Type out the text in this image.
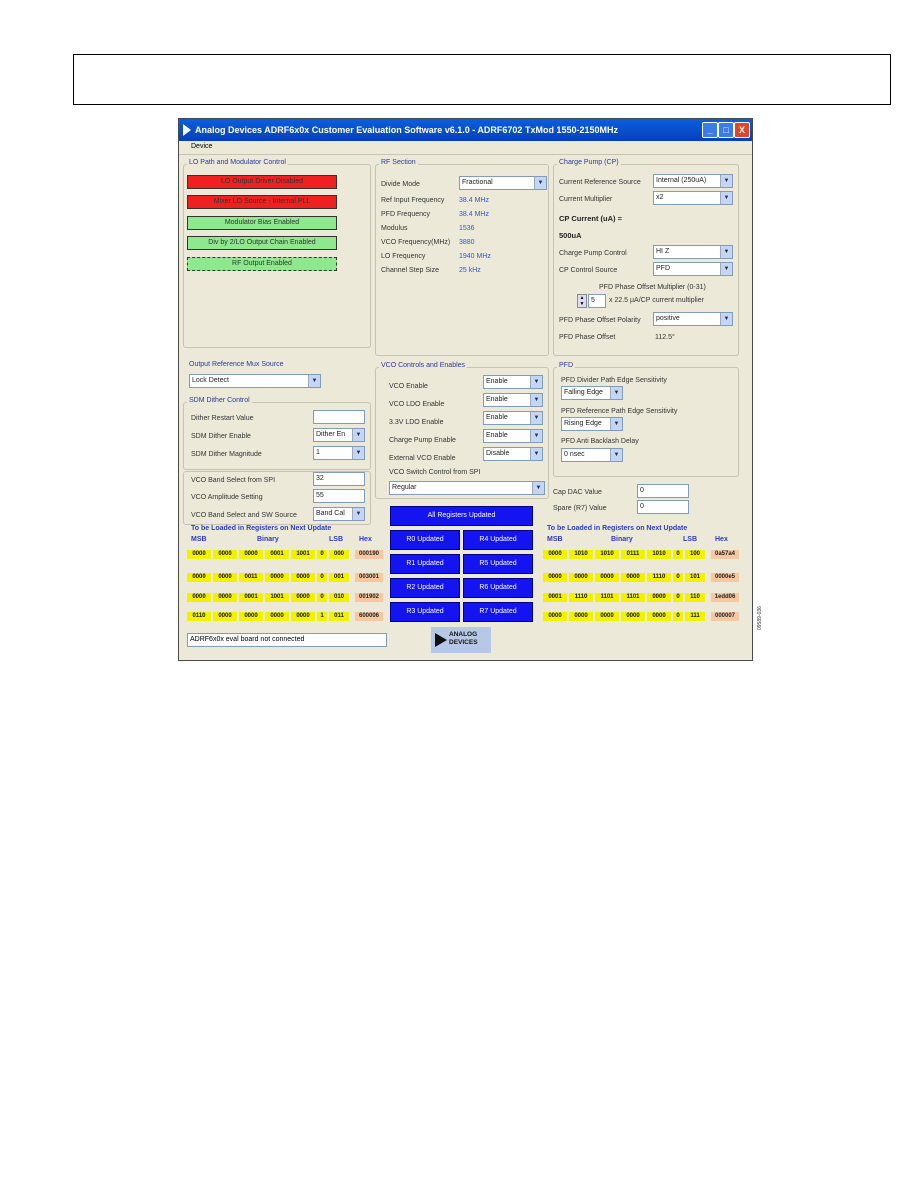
Analog Devices ADRF6x0x Customer Evaluation Software v6.1.0 - ADRF6702 TxMod 1550-2150MHz	_	□	X
Device
LO Path and Modulator Control
LO Output Driver Disabled
Mixer LO Source - Internal PLL
Modulator Bias Enabled
Div by 2/LO Output Chain Enabled
RF Output Enabled
RF Section
Divide Mode	Fractional	▼
Ref Input Frequency 38.4 MHz
PFD Frequency	38.4 MHz
Modulus	1536
VCO Frequency(MHz) 3880
LO Frequency	1940 MHz
Channel Step Size	25 kHz
Charge Pump (CP)
Current Reference Source Internal (250uA)	▼
Current Multiplier	x2	▼
CP Current (uA) =
500uA
Charge Pump Control	HI Z	▼
CP Control Source	PFD	▼
PFD Phase Offset Multiplier (0-31)
▲
▼ 5	x 22.5 µA/CP current multiplier
PFD Phase Offset Polarity positive	▼
PFD Phase Offset	112.5°
Output Reference Mux Source
Lock Detect	▼
SDM Dither Control
Dither Restart Value
SDM Dither Enable	Dither En	▼
SDM Dither Magnitude	1	▼
VCO Band Select from SPI	32
VCO Amplitude Setting	55
VCO Band Select and SW Source	Band Cal	▼
VCO Controls and Enables
VCO Enable
Enable	▼
VCO LDO Enable
Enable	▼
3.3V LDO Enable
Enable	▼
Charge Pump Enable
Enable	▼
External VCO Enable
Disable	▼
VCO Switch Control from SPI
Regular	▼
PFD
PFD Divider Path Edge Sensitivity
Falling Edge	▼
PFD Reference Path Edge Sensitivity
Rising Edge	▼
PFD Anti Backlash Delay
0 nsec	▼
Cap DAC Value	0
Spare (R7) Value	0
To be Loaded in Registers on Next Update
MSB	Binary	LSB Hex
0000	0000	0000	0001	1001	0	000	000190
0000	0000	0011	0000	0000	0	001	003001
0000	0000	0001	1001	0000	0	010	001902
0110	0000	0000	0000	0000	1	011	600006
All Registers Updated
R0 Updated	R4 Updated
R1 Updated	R5 Updated
R2 Updated	R6 Updated
R3 Updated	R7 Updated
To be Loaded in Registers on Next Update
MSB	Binary	LSB	Hex
0000	1010	1010	0111	1010	0	100	0a57a4
0000	0000	0000	0000	1110	0	101	0000e5
0001	1110	1101	1101	0000	0	110	1edd06
0000	0000	0000	0000	0000	0	111	000007
ADRF6x0x eval board not connected
ANALOG
DEVICES
09589-036
